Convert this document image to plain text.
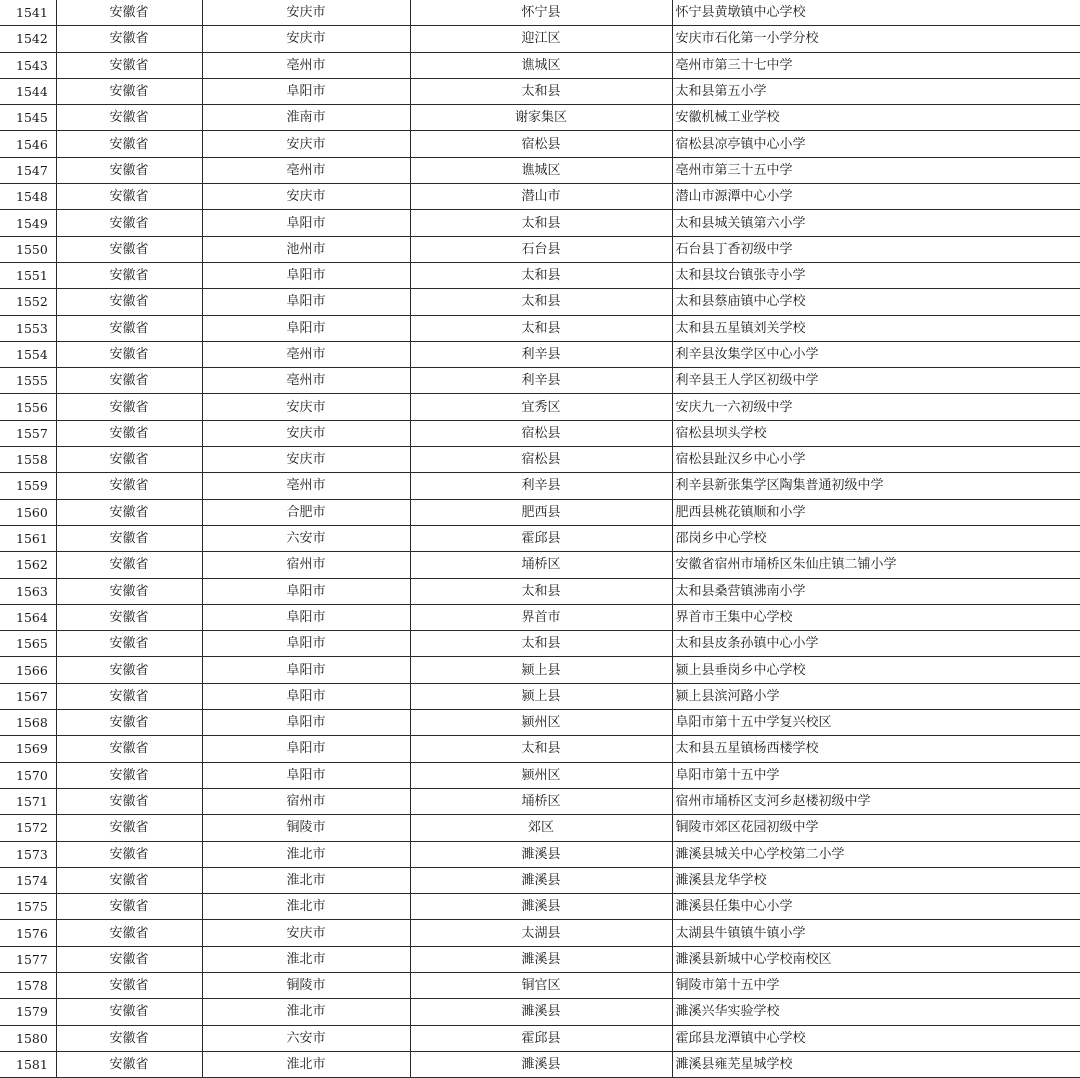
1541	安徽省	安庆市	怀宁县	怀宁县黄墩镇中心学校
1542	安徽省	安庆市	迎江区	安庆市石化第一小学分校
1543	安徽省	亳州市	谯城区	亳州市第三十七中学
1544	安徽省	阜阳市	太和县	太和县第五小学
1545	安徽省	淮南市	谢家集区	安徽机械工业学校
1546	安徽省	安庆市	宿松县	宿松县凉亭镇中心小学
1547	安徽省	亳州市	谯城区	亳州市第三十五中学
1548	安徽省	安庆市	潜山市	潜山市源潭中心小学
1549	安徽省	阜阳市	太和县	太和县城关镇第六小学
1550	安徽省	池州市	石台县	石台县丁香初级中学
1551	安徽省	阜阳市	太和县	太和县坟台镇张寺小学
1552	安徽省	阜阳市	太和县	太和县蔡庙镇中心学校
1553	安徽省	阜阳市	太和县	太和县五星镇刘关学校
1554	安徽省	亳州市	利辛县	利辛县汝集学区中心小学
1555	安徽省	亳州市	利辛县	利辛县王人学区初级中学
1556	安徽省	安庆市	宜秀区	安庆九一六初级中学
1557	安徽省	安庆市	宿松县	宿松县坝头学校
1558	安徽省	安庆市	宿松县	宿松县趾汉乡中心小学
1559	安徽省	亳州市	利辛县	利辛县新张集学区陶集普通初级中学
1560	安徽省	合肥市	肥西县	肥西县桃花镇顺和小学
1561	安徽省	六安市	霍邱县	邵岗乡中心学校
1562	安徽省	宿州市	埇桥区	安徽省宿州市埇桥区朱仙庄镇二铺小学
1563	安徽省	阜阳市	太和县	太和县桑营镇沸南小学
1564	安徽省	阜阳市	界首市	界首市王集中心学校
1565	安徽省	阜阳市	太和县	太和县皮条孙镇中心小学
1566	安徽省	阜阳市	颍上县	颍上县垂岗乡中心学校
1567	安徽省	阜阳市	颍上县	颍上县滨河路小学
1568	安徽省	阜阳市	颍州区	阜阳市第十五中学复兴校区
1569	安徽省	阜阳市	太和县	太和县五星镇杨西楼学校
1570	安徽省	阜阳市	颍州区	阜阳市第十五中学
1571	安徽省	宿州市	埇桥区	宿州市埇桥区支河乡赵楼初级中学
1572	安徽省	铜陵市	郊区	铜陵市郊区花园初级中学
1573	安徽省	淮北市	濉溪县	濉溪县城关中心学校第二小学
1574	安徽省	淮北市	濉溪县	濉溪县龙华学校
1575	安徽省	淮北市	濉溪县	濉溪县任集中心小学
1576	安徽省	安庆市	太湖县	太湖县牛镇镇牛镇小学
1577	安徽省	淮北市	濉溪县	濉溪县新城中心学校南校区
1578	安徽省	铜陵市	铜官区	铜陵市第十五中学
1579	安徽省	淮北市	濉溪县	濉溪兴华实验学校
1580	安徽省	六安市	霍邱县	霍邱县龙潭镇中心学校
1581	安徽省	淮北市	濉溪县	濉溪县雍芜星城学校
